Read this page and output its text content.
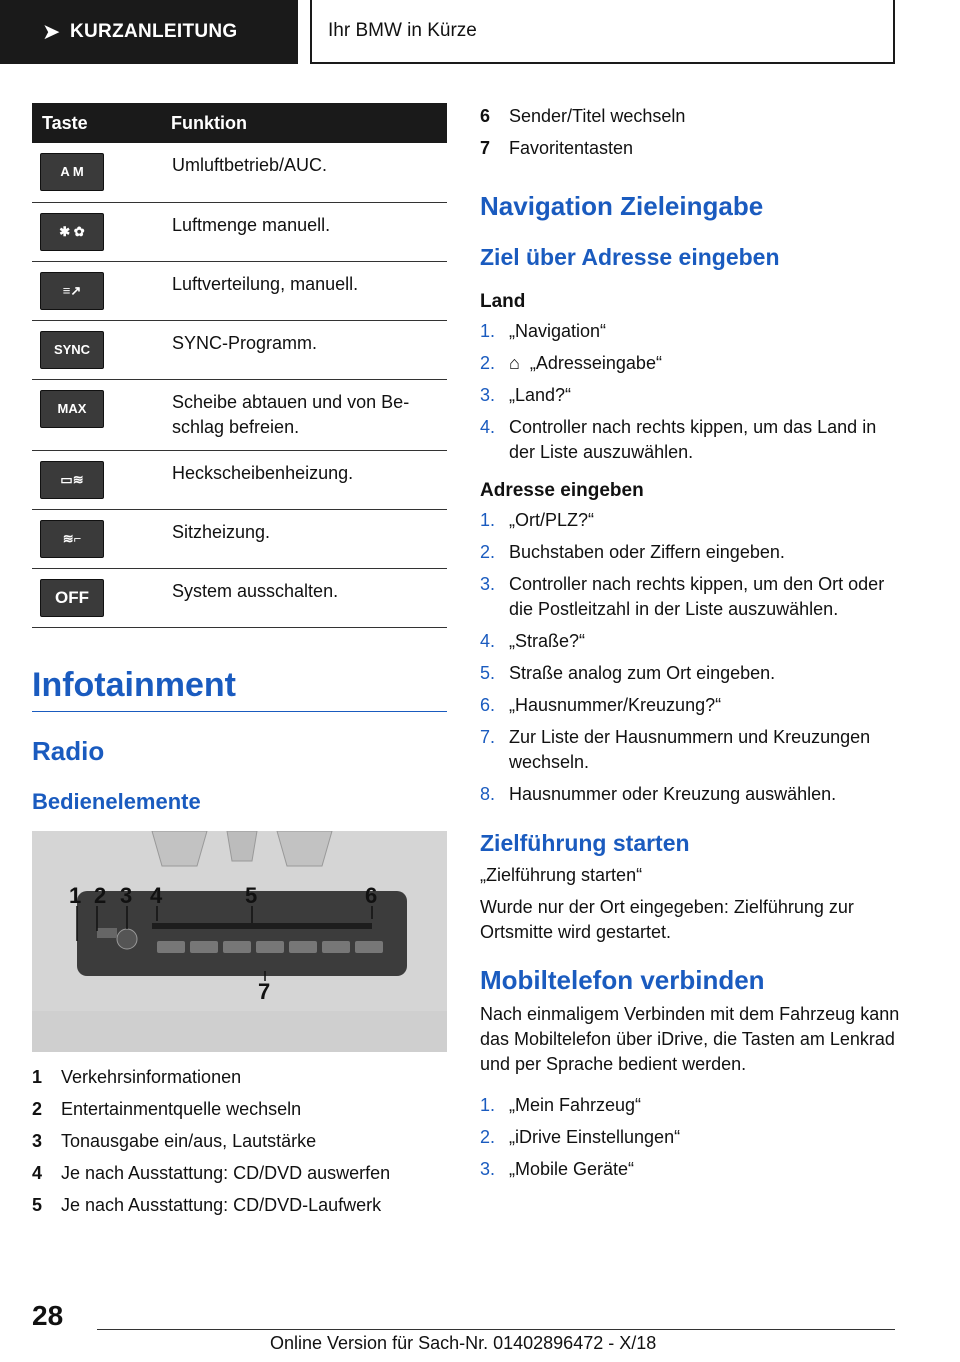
➤ KURZANLEITUNG	Ihr BMW in Kürze
Taste	Funktion
A M	Umluftbetrieb/AUC.
✱ ✿	Luftmenge manuell.
≡↗	Luftverteilung, manuell.
SYNC	SYNC-Programm.
MAX	Scheibe abtauen und von Beschlag befreien.
▭≋	Heckscheibenheizung.
≋⌐	Sitzheizung.
OFF	System ausschalten.
Infotainment
Radio
Bedienelemente
1 2 3 4	5	6
7
1	Verkehrsinformationen
2	Entertainmentquelle wechseln
3	Tonausgabe ein/aus, Lautstärke
4	Je nach Ausstattung: CD/DVD auswerfen
5	Je nach Ausstattung: CD/DVD-Laufwerk
6	Sender/Titel wechseln
7	Favoritentasten
Navigation Zieleingabe
Ziel über Adresse eingeben
Land
1. „Navigation“
2. ⌂ „Adresseingabe“
3. „Land?“
4. Controller nach rechts kippen, um das Land in der Liste auszuwählen.
Adresse eingeben
1. „Ort/PLZ?“
2. Buchstaben oder Ziffern eingeben.
3. Controller nach rechts kippen, um den Ort oder die Postleitzahl in der Liste auszuwählen.
4. „Straße?“
5. Straße analog zum Ort eingeben.
6. „Hausnummer/Kreuzung?“
7. Zur Liste der Hausnummern und Kreuzungen wechseln.
8. Hausnummer oder Kreuzung auswählen.
Zielführung starten

„Zielführung starten“

Wurde nur der Ort eingegeben: Zielführung zur Ortsmitte wird gestartet.

Mobiltelefon verbinden

Nach einmaligem Verbinden mit dem Fahrzeug kann das Mobiltelefon über iDrive, die Tasten am Lenkrad und per Sprache bedient werden.

1. „Mein Fahrzeug“
2. „iDrive Einstellungen“
3. „Mobile Geräte“
28
Online Version für Sach-Nr. 01402896472 - X/18
